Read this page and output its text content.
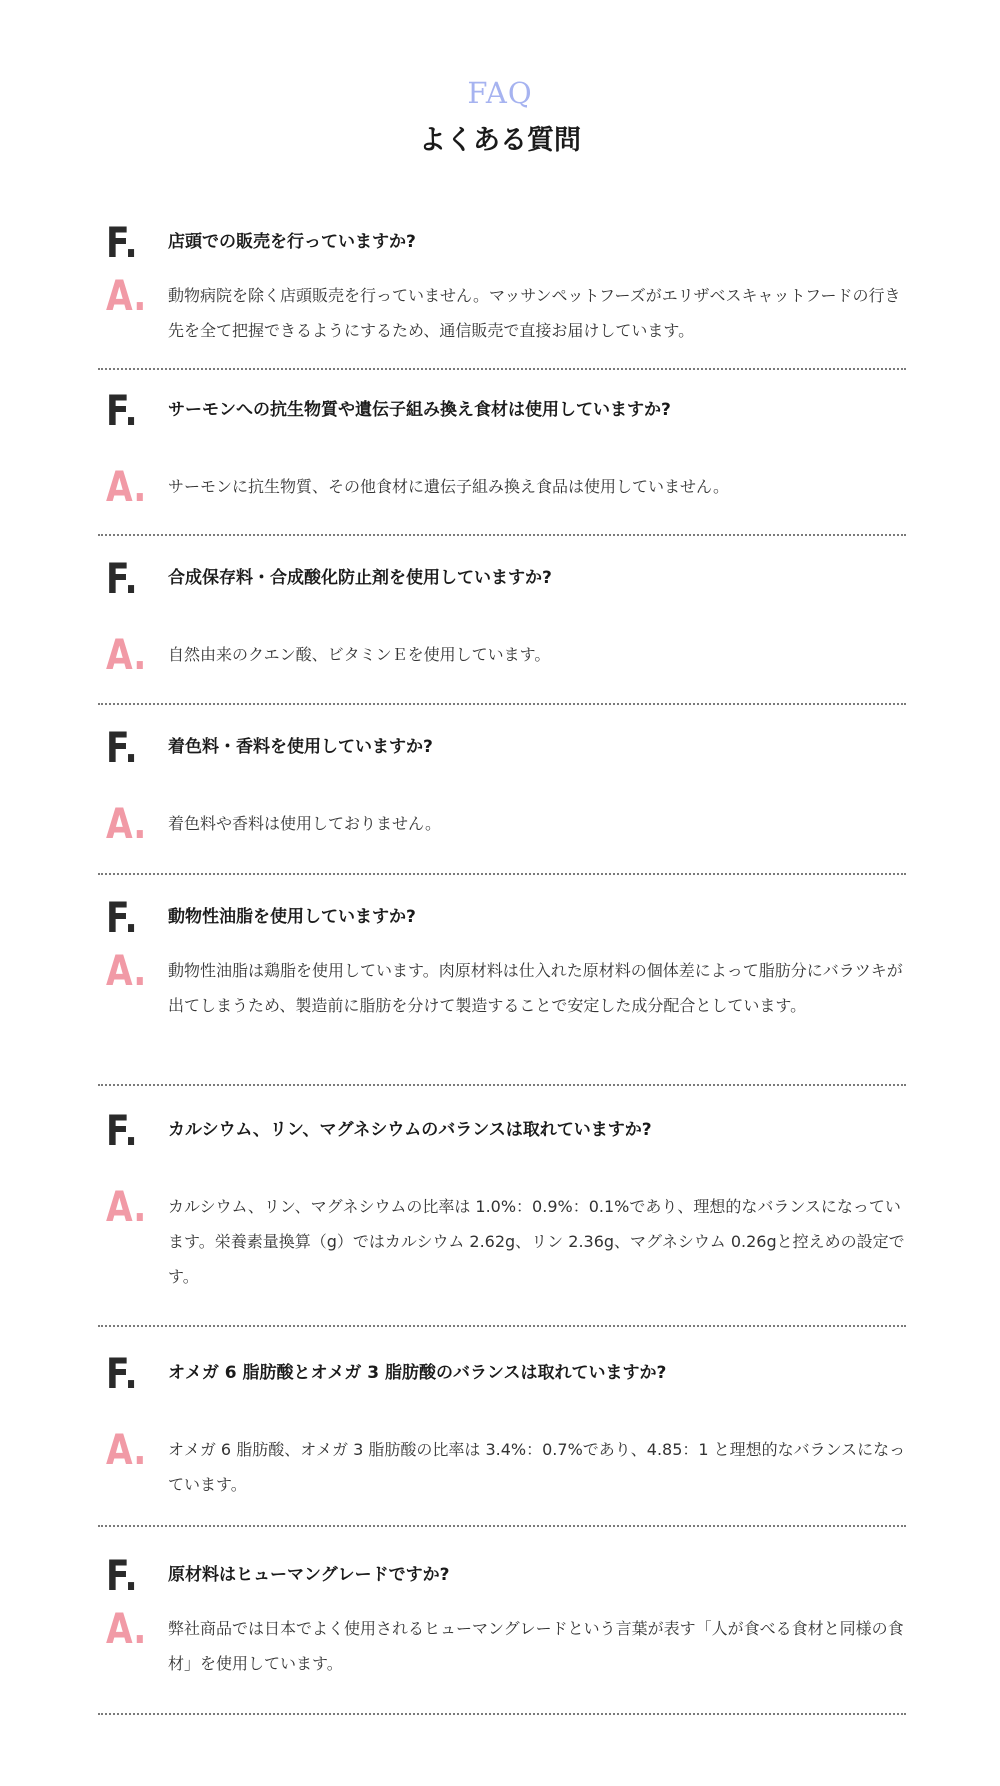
FAQ
よくある質問
F. 店頭での販売を行っていますか?
A. 動物病院を除く店頭販売を行っていません。マッサンペットフーズがエリザベスキャットフードの行き先を全て把握できるようにするため、通信販売で直接お届けしています。
F. サーモンへの抗生物質や遺伝子組み換え食材は使用していますか?
A. サーモンに抗生物質、その他食材に遺伝子組み換え食品は使用していません。
F. 合成保存料・合成酸化防止剤を使用していますか?
A. 自然由来のクエン酸、ビタミンＥを使用しています。
F. 着色料・香料を使用していますか?
A. 着色料や香料は使用しておりません。
F. 動物性油脂を使用していますか?
A. 動物性油脂は鶏脂を使用しています。肉原材料は仕入れた原材料の個体差によって脂肪分にバラツキが出てしまうため、製造前に脂肪を分けて製造することで安定した成分配合としています。
F. カルシウム、リン、マグネシウムのバランスは取れていますか?
A. カルシウム、リン、マグネシウムの比率は 1.0%：0.9%：0.1%であり、理想的なバランスになっています。栄養素量換算（g）ではカルシウム 2.62g、リン 2.36g、マグネシウム 0.26gと控えめの設定です。
F. オメガ 6 脂肪酸とオメガ 3 脂肪酸のバランスは取れていますか?
A. オメガ 6 脂肪酸、オメガ 3 脂肪酸の比率は 3.4%：0.7%であり、4.85：1 と理想的なバランスになっています。
F. 原材料はヒューマングレードですか?
A. 弊社商品では日本でよく使用されるヒューマングレードという言葉が表す「人が食べる食材と同様の食材」を使用しています。
